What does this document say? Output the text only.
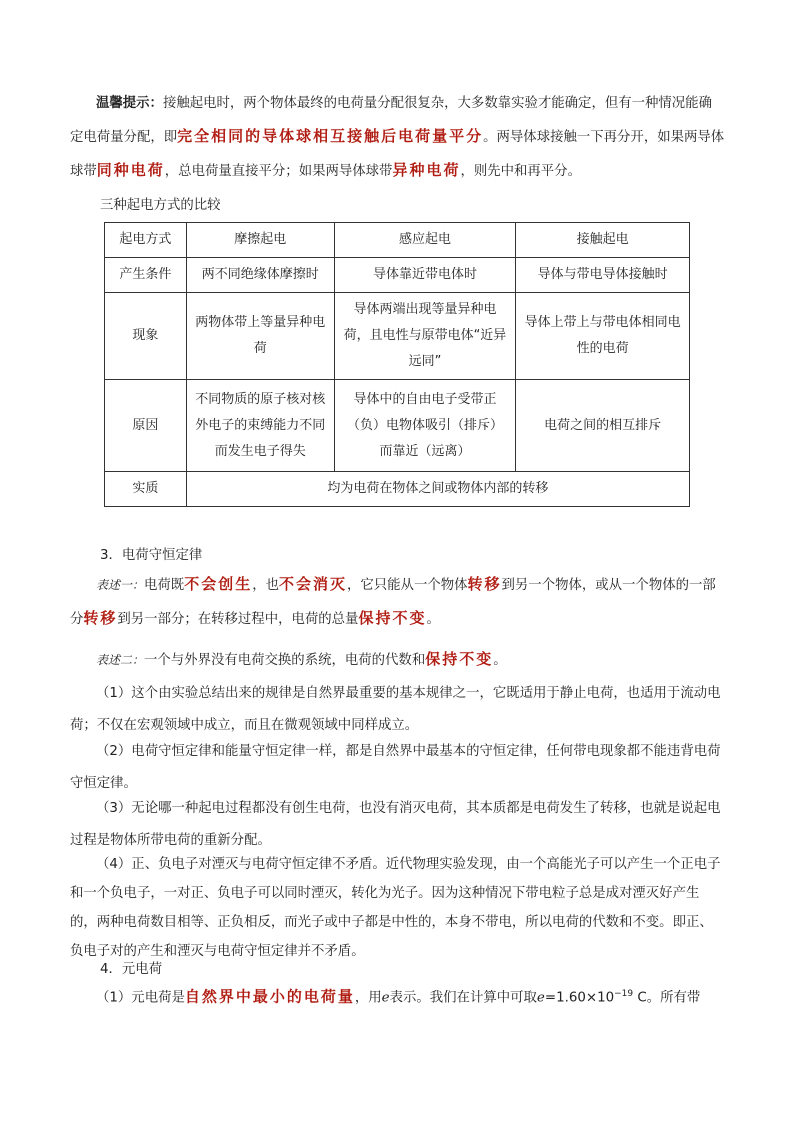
温馨提示：接触起电时，两个物体最终的电荷量分配很复杂，大多数靠实验才能确定，但有一种情况能确定电荷量分配，即完全相同的导体球相互接触后电荷量平分。两导体球接触一下再分开，如果两导体球带同种电荷，总电荷量直接平分；如果两导体球带异种电荷，则先中和再平分。

三种起电方式的比较

起电方式	摩擦起电	感应起电	接触起电
产生条件	两不同绝缘体摩擦时	导体靠近带电体时	导体与带电导体接触时
现象	两物体带上等量异种电荷	导体两端出现等量异种电荷，且电性与原带电体“近异远同”	导体上带上与带电体相同电性的电荷
原因	不同物质的原子核对核外电子的束缚能力不同而发生电子得失	导体中的自由电子受带正（负）电物体吸引（排斥）而靠近（远离）	电荷之间的相互排斥
实质	均为电荷在物体之间或物体内部的转移		

3．电荷守恒定律

表述一：电荷既不会创生，也不会消灭，它只能从一个物体转移到另一个物体，或从一个物体的一部分转移到另一部分；在转移过程中，电荷的总量保持不变。

表述二：一个与外界没有电荷交换的系统，电荷的代数和保持不变。

（1）这个由实验总结出来的规律是自然界最重要的基本规律之一，它既适用于静止电荷，也适用于流动电荷；不仅在宏观领域中成立，而且在微观领域中同样成立。

（2）电荷守恒定律和能量守恒定律一样，都是自然界中最基本的守恒定律，任何带电现象都不能违背电荷守恒定律。

（3）无论哪一种起电过程都没有创生电荷，也没有消灭电荷，其本质都是电荷发生了转移，也就是说起电过程是物体所带电荷的重新分配。

（4）正、负电子对湮灭与电荷守恒定律不矛盾。近代物理实验发现，由一个高能光子可以产生一个正电子和一个负电子，一对正、负电子可以同时湮灭，转化为光子。因为这种情况下带电粒子总是成对湮灭好产生的，两种电荷数目相等、正负相反，而光子或中子都是中性的，本身不带电，所以电荷的代数和不变。即正、负电子对的产生和湮灭与电荷守恒定律并不矛盾。

4．元电荷

（1）元电荷是自然界中最小的电荷量，用e表示。我们在计算中可取$e=1.60\times 10^{-19}$ C。所有带
